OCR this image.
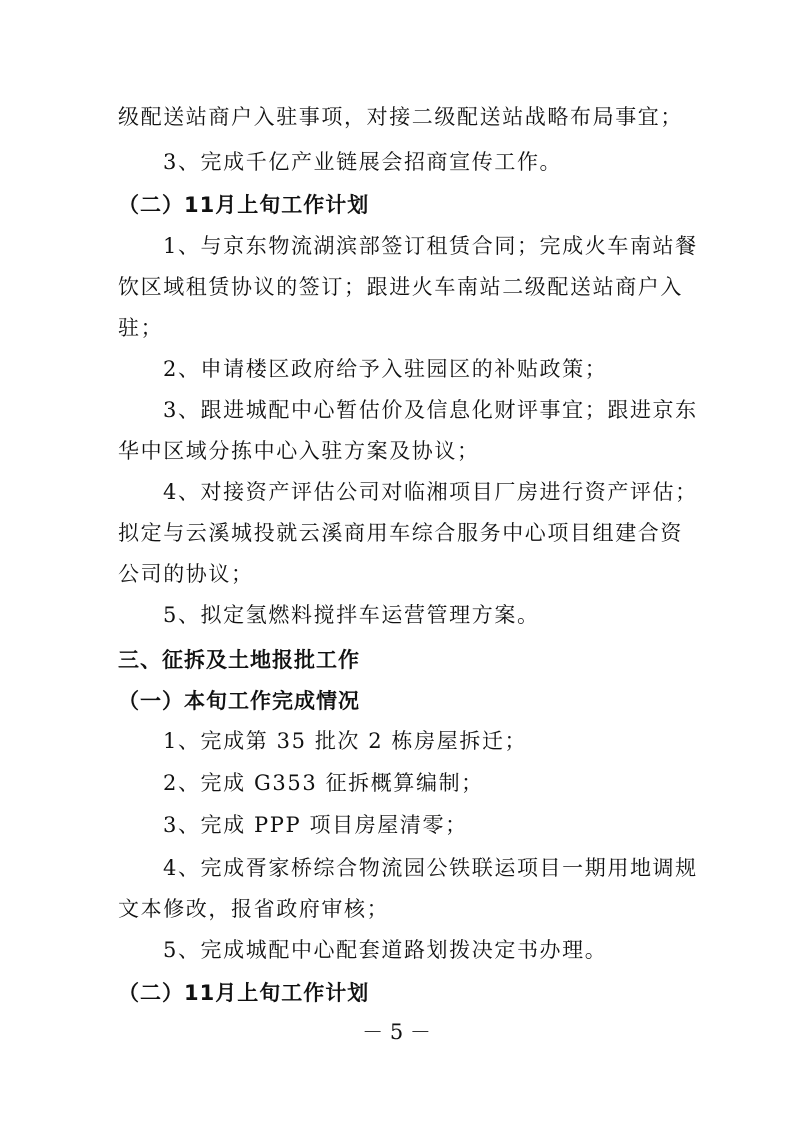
级配送站商户入驻事项，对接二级配送站战略布局事宜；
3、完成千亿产业链展会招商宣传工作。
（二）11月上旬工作计划
1、与京东物流湖滨部签订租赁合同；完成火车南站餐
饮区域租赁协议的签订；跟进火车南站二级配送站商户入
驻；
2、申请楼区政府给予入驻园区的补贴政策；
3、跟进城配中心暂估价及信息化财评事宜；跟进京东
华中区域分拣中心入驻方案及协议；
4、对接资产评估公司对临湘项目厂房进行资产评估；
拟定与云溪城投就云溪商用车综合服务中心项目组建合资
公司的协议；
5、拟定氢燃料搅拌车运营管理方案。
三、征拆及土地报批工作
（一）本旬工作完成情况
1、完成第 35 批次 2 栋房屋拆迁；
2、完成 G353 征拆概算编制；
3、完成 PPP 项目房屋清零；
4、完成胥家桥综合物流园公铁联运项目一期用地调规
文本修改，报省政府审核；
5、完成城配中心配套道路划拨决定书办理。
（二）11月上旬工作计划
－ 5 －
